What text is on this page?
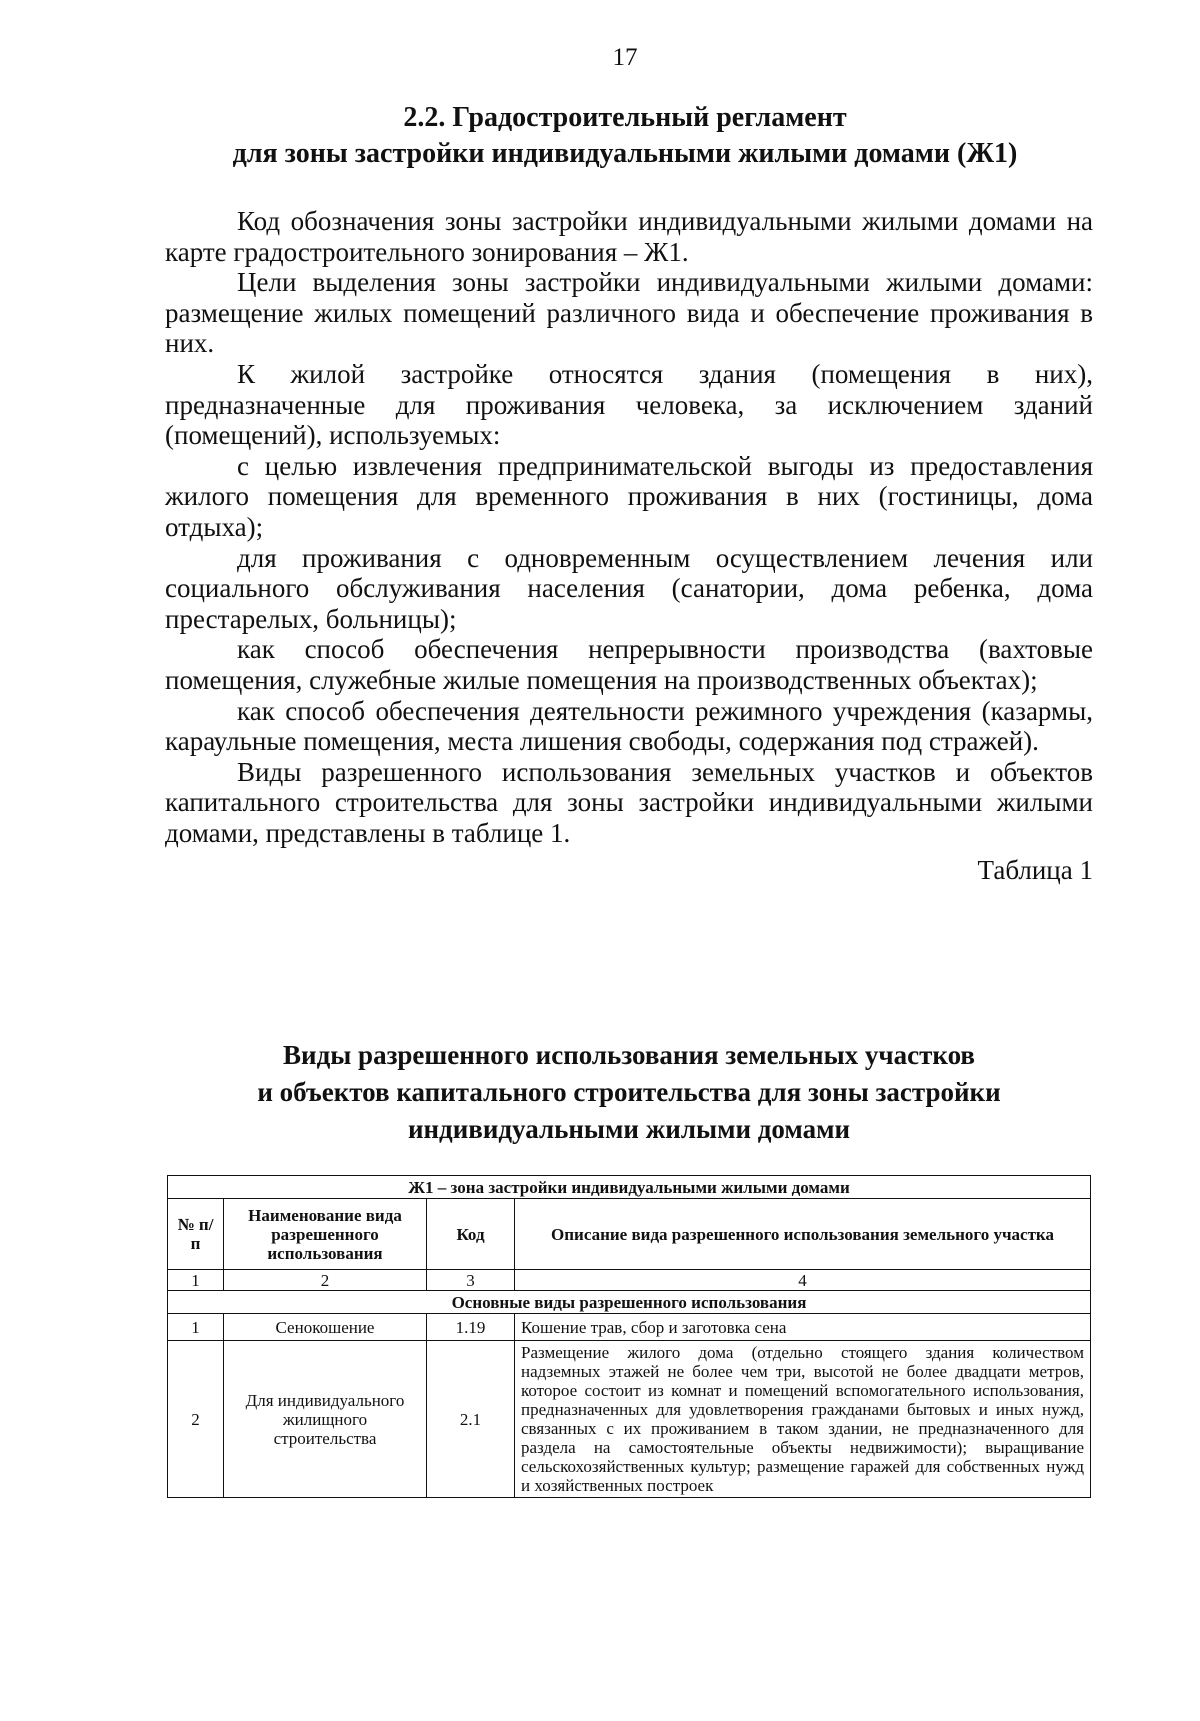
17
2.2. Градостроительный регламент
для зоны застройки индивидуальными жилыми домами (Ж1)

Код обозначения зоны застройки индивидуальными жилыми домами на карте градостроительного зонирования – Ж1.

Цели выделения зоны застройки индивидуальными жилыми домами: размещение жилых помещений различного вида и обеспечение проживания в них.

К жилой застройке относятся здания (помещения в них), предназначенные для проживания человека, за исключением зданий (помещений), используемых:

с целью извлечения предпринимательской выгоды из предоставления жилого помещения для временного проживания в них (гостиницы, дома отдыха);

для проживания с одновременным осуществлением лечения или социального обслуживания населения (санатории, дома ребенка, дома престарелых, больницы);

как способ обеспечения непрерывности производства (вахтовые помещения, служебные жилые помещения на производственных объектах);

как способ обеспечения деятельности режимного учреждения (казармы, караульные помещения, места лишения свободы, содержания под стражей).

Виды разрешенного использования земельных участков и объектов капитального строительства для зоны застройки индивидуальными жилыми домами, представлены в таблице 1.

Таблица 1

Виды разрешенного использования земельных участков
и объектов капитального строительства для зоны застройки
индивидуальными жилыми домами
Ж1 – зона застройки индивидуальными жилыми домами			
№ п/п	Наименование вида разрешенного использования	Код	Описание вида разрешенного использования земельного участка
1	2	3	4
Основные виды разрешенного использования			
1	Сенокошение	1.19	Кошение трав, сбор и заготовка сена
2	Для индивидуального жилищного строительства	2.1	Размещение жилого дома (отдельно стоящего здания количеством надземных этажей не более чем три, высотой не более двадцати метров, которое состоит из комнат и помещений вспомогательного использования, предназначенных для удовлетворения гражданами бытовых и иных нужд, связанных с их проживанием в таком здании, не предназначенного для раздела на самостоятельные объекты недвижимости); выращивание сельскохозяйственных культур; размещение гаражей для собственных нужд и хозяйственных построек
